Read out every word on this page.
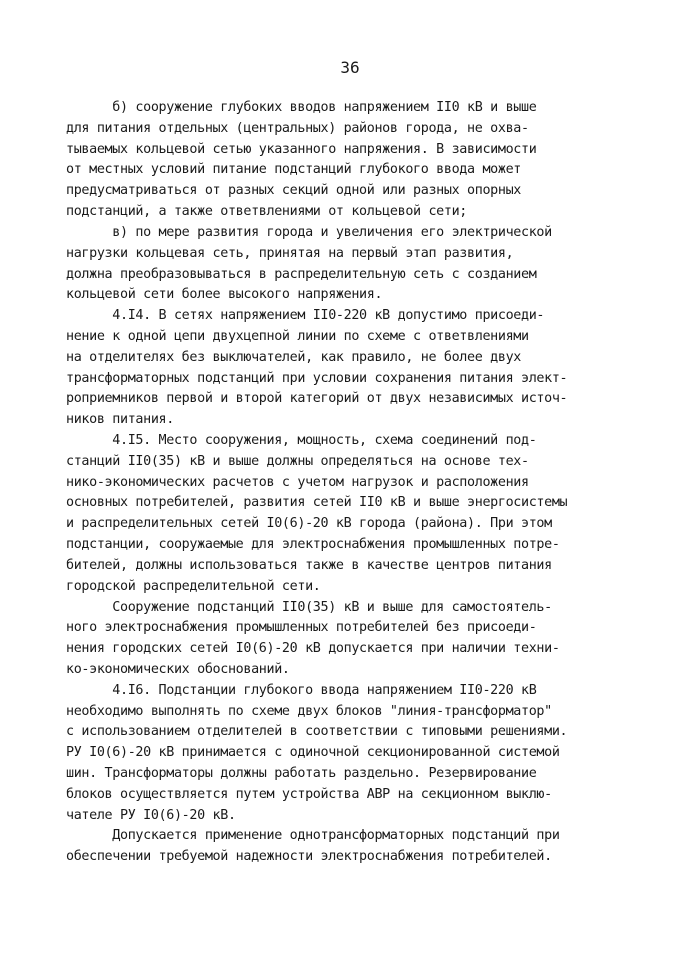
36
б) сооружение глубоких вводов напряжением II0 кВ и выше
для питания отдельных (центральных) районов города, не охва-
тываемых кольцевой сетью указанного напряжения. В зависимости
от местных условий питание подстанций глубокого ввода может
предусматриваться от разных секций одной или разных опорных
подстанций, а также ответвлениями от кольцевой сети;
в) по мере развития города и увеличения его электрической
нагрузки кольцевая сеть, принятая на первый этап развития,
должна преобразовываться в распределительную сеть с созданием
кольцевой сети более высокого напряжения.
4.I4. В сетях напряжением II0-220 кВ допустимо присоеди-
нение к одной цепи двухцепной линии по схеме с ответвлениями
на отделителях без выключателей, как правило, не более двух
трансформаторных подстанций при условии сохранения питания элект-
роприемников первой и второй категорий от двух независимых источ-
ников питания.
4.I5. Место сооружения, мощность, схема соединений под-
станций II0(35) кВ и выше должны определяться на основе тех-
нико-экономических расчетов с учетом нагрузок и расположения
основных потребителей, развития сетей II0 кВ и выше энергосистемы
и распределительных сетей I0(6)-20 кВ города (района). При этом
подстанции, сооружаемые для электроснабжения промышленных потре-
бителей, должны использоваться также в качестве центров питания
городской распределительной сети.
Сооружение подстанций II0(35) кВ и выше для самостоятель-
ного электроснабжения промышленных потребителей без присоеди-
нения городских сетей I0(6)-20 кВ допускается при наличии техни-
ко-экономических обоснований.
4.I6. Подстанции глубокого ввода напряжением II0-220 кВ
необходимо выполнять по схеме двух блоков "линия-трансформатор"
с использованием отделителей в соответствии с типовыми решениями.
РУ I0(6)-20 кВ принимается с одиночной секционированной системой
шин. Трансформаторы должны работать раздельно. Резервирование
блоков осуществляется путем устройства АВР на секционном выклю-
чателе РУ I0(6)-20 кВ.
Допускается применение однотрансформаторных подстанций при
обеспечении требуемой надежности электроснабжения потребителей.
